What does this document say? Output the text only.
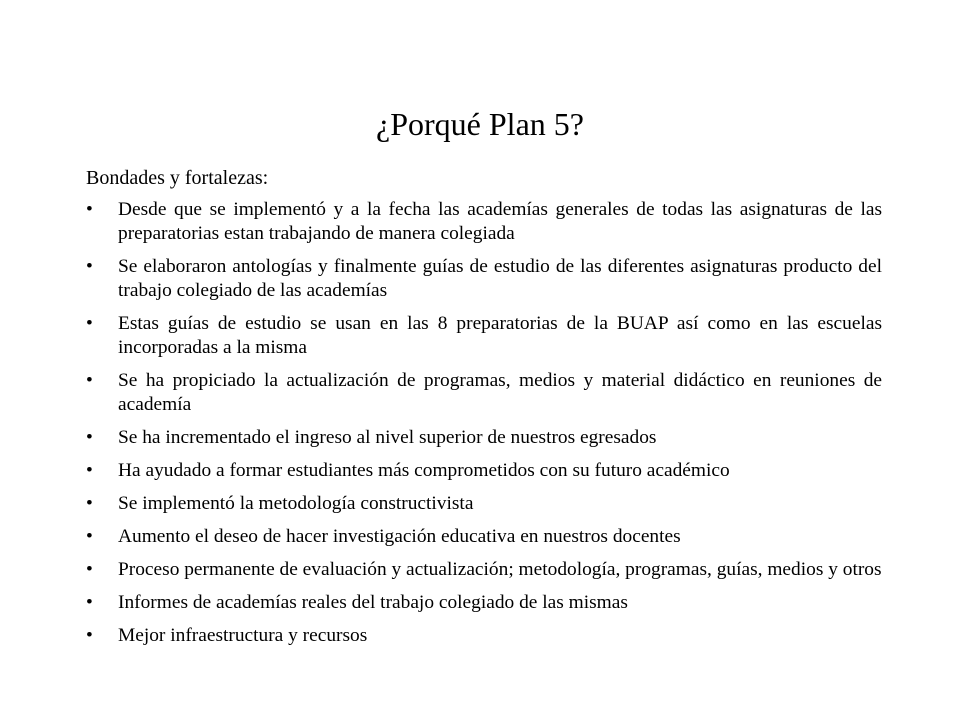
¿Porqué Plan 5?
Bondades y fortalezas:
•	Desde que se implementó y a la fecha las academías generales de todas las asignaturas de las preparatorias estan trabajando de manera colegiada
•	Se elaboraron antologías y finalmente guías de estudio de las diferentes asignaturas producto del trabajo colegiado de las academías
•	Estas guías de estudio se usan en las 8 preparatorias de la BUAP así como en las escuelas incorporadas a la misma
•	Se ha propiciado la actualización de programas, medios y material didáctico en reuniones de academía
•	Se ha incrementado el ingreso al nivel superior de nuestros egresados
•	Ha ayudado a formar estudiantes más comprometidos con su futuro académico
•	Se implementó la metodología constructivista
•	Aumento el deseo de hacer investigación educativa en nuestros docentes
•	Proceso permanente de evaluación y actualización; metodología, programas, guías, medios y otros
•	Informes de academías reales del trabajo colegiado de las mismas
•	Mejor infraestructura y recursos
